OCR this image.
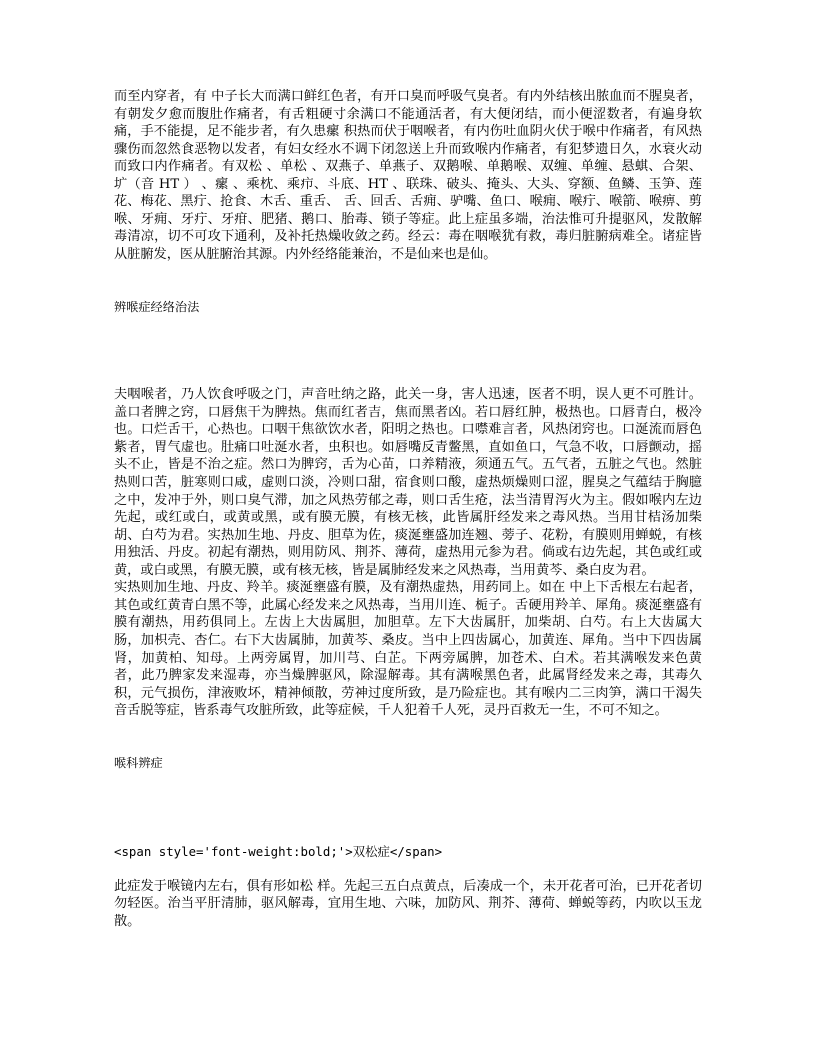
而至内穿者，有 中子长大而满口鲜红色者，有开口臭而呼吸气臭者。有内外结核出脓血而不腥臭者，有朝发夕愈而腹肚作痛者，有舌粗硬寸余满口不能通活者，有大便闭结，而小便涩数者，有遍身软痛，手不能提，足不能步者，有久患瘰 积热而伏于咽喉者，有内伤吐血阴火伏于喉中作痛者，有风热骤伤而忽然食恶物以发者，有妇女经水不调下闭忽送上升而致喉内作痛者，有犯梦遗日久，水衰火动而致口内作痛者。有双松 、单松 、双燕子、单燕子、双鹅喉、单鹅喉、双缠、单缠、悬蜞、合架、圹（音 HT ） 、瘰 、乘枕、乘疖、斗底、HT 、联珠、破头、掩头、大头、穿额、鱼鳞、玉笋、莲花、梅花、黑疔、抢食、木舌、重舌、 舌、回舌、舌痈、驴嘴、鱼口、喉痈、喉疔、喉箭、喉痹、剪喉、牙痈、牙疔、牙疳、肥猪、鹅口、胎毒、锁子等症。此上症虽多端，治法惟可升提驱风，发散解毒清凉，切不可攻下通利，及补托热燥收敛之药。经云：毒在咽喉犹有救，毒归脏腑病难全。诸症皆从脏腑发，医从脏腑治其源。内外经络能兼治，不是仙来也是仙。

辨喉症经络治法

夫咽喉者，乃人饮食呼吸之门，声音吐纳之路，此关一身，害人迅速，医者不明，误人更不可胜计。盖口者脾之窍，口唇焦干为脾热。焦而红者吉，焦而黑者凶。若口唇红肿，极热也。口唇青白，极冷也。口烂舌干，心热也。口咽干焦欲饮水者，阳明之热也。口噤难言者，风热闭窍也。口涎流而唇色紫者，胃气虚也。肚痛口吐涎水者，虫积也。如唇嘴反青鳖黑，直如鱼口，气急不收，口唇颤动，摇头不止，皆是不治之症。然口为脾窍，舌为心苗，口养精液，须通五气。五气者，五脏之气也。然脏热则口苦，脏寒则口咸，虚则口淡，冷则口甜，宿食则口酸，虚热烦燥则口涩，腥臭之气蕴结于胸臆之中，发冲于外，则口臭气滞，加之风热劳郁之毒，则口舌生疮，法当清胃泻火为主。假如喉内左边先起，或红或白，或黄或黑，或有膜无膜，有核无核，此皆属肝经发来之毒风热。当用甘桔汤加柴胡、白芍为君。实热加生地、丹皮、胆草为佐，痰涎壅盛加连翘、蒡子、花粉，有膜则用蝉蜕，有核用独活、丹皮。初起有潮热，则用防风、荆芥、薄荷，虚热用元参为君。倘或右边先起，其色或红或黄，或白或黑，有膜无膜，或有核无核，皆是属肺经发来之风热毒，当用黄芩、桑白皮为君。

实热则加生地、丹皮、羚羊。痰涎壅盛有膜，及有潮热虚热，用药同上。如在 中上下舌根左右起者，其色或红黄青白黑不等，此属心经发来之风热毒，当用川连、栀子。舌硬用羚羊、犀角。痰涎壅盛有膜有潮热，用药俱同上。左齿上大齿属胆，加胆草。左下大齿属肝，加柴胡、白芍。右上大齿属大肠，加枳壳、杏仁。右下大齿属肺，加黄芩、桑皮。当中上四齿属心，加黄连、犀角。当中下四齿属肾，加黄柏、知母。上两旁属胃，加川芎、白芷。下两旁属脾，加苍术、白术。若其满喉发来色黄者，此乃脾家发来湿毒，亦当燥脾驱风，除湿解毒。其有满喉黑色者，此属肾经发来之毒，其毒久积，元气损伤，津液败坏，精神倾散，劳神过度所致，是乃险症也。其有喉内二三肉笋，满口干渴失音舌脱等症，皆系毒气攻脏所致，此等症候，千人犯着千人死，灵丹百救无一生，不可不知之。

喉科辨症

<span style='font-weight:bold;'>双松症</span>

此症发于喉镜内左右，俱有形如松 样。先起三五白点黄点，后凑成一个，未开花者可治，已开花者切勿轻医。治当平肝清肺，驱风解毒，宜用生地、六味，加防风、荆芥、薄荷、蝉蜕等药，内吹以玉龙散。
